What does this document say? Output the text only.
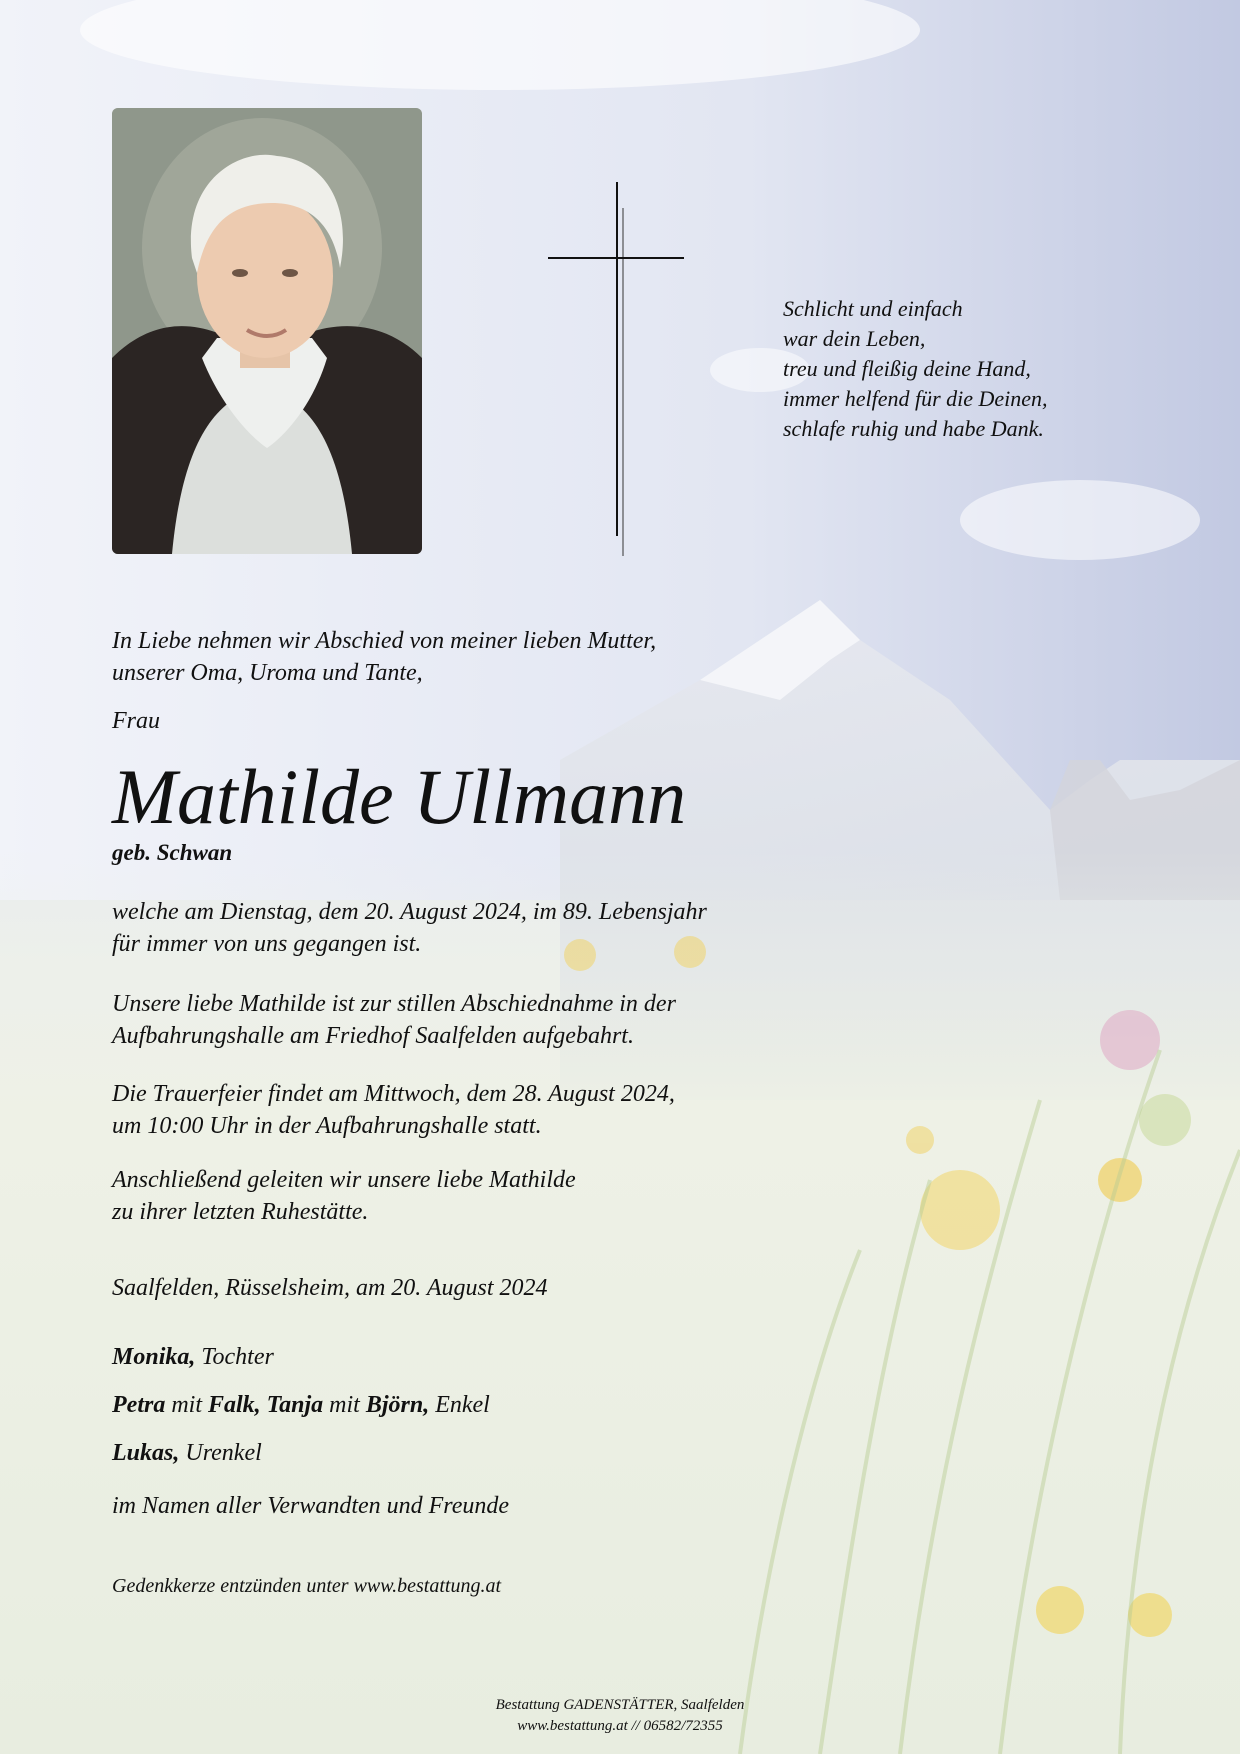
Schlicht und einfach
war dein Leben,
treu und fleißig deine Hand,
immer helfend für die Deinen,
schlafe ruhig und habe Dank.
In Liebe nehmen wir Abschied von meiner lieben Mutter,
unserer Oma, Uroma und Tante,
Frau
Mathilde Ullmann
geb. Schwan
welche am Dienstag, dem 20. August 2024, im 89. Lebensjahr
für immer von uns gegangen ist.
Unsere liebe Mathilde ist zur stillen Abschiednahme in der
Aufbahrungshalle am Friedhof Saalfelden aufgebahrt.
Die Trauerfeier findet am Mittwoch, dem 28. August 2024,
um 10:00 Uhr in der Aufbahrungshalle statt.
Anschließend geleiten wir unsere liebe Mathilde
zu ihrer letzten Ruhestätte.
Saalfelden, Rüsselsheim, am 20. August 2024
Monika, Tochter
Petra mit Falk, Tanja mit Björn, Enkel
Lukas, Urenkel
im Namen aller Verwandten und Freunde
Gedenkkerze entzünden unter www.bestattung.at
Bestattung GADENSTÄTTER, Saalfelden
www.bestattung.at // 06582/72355
